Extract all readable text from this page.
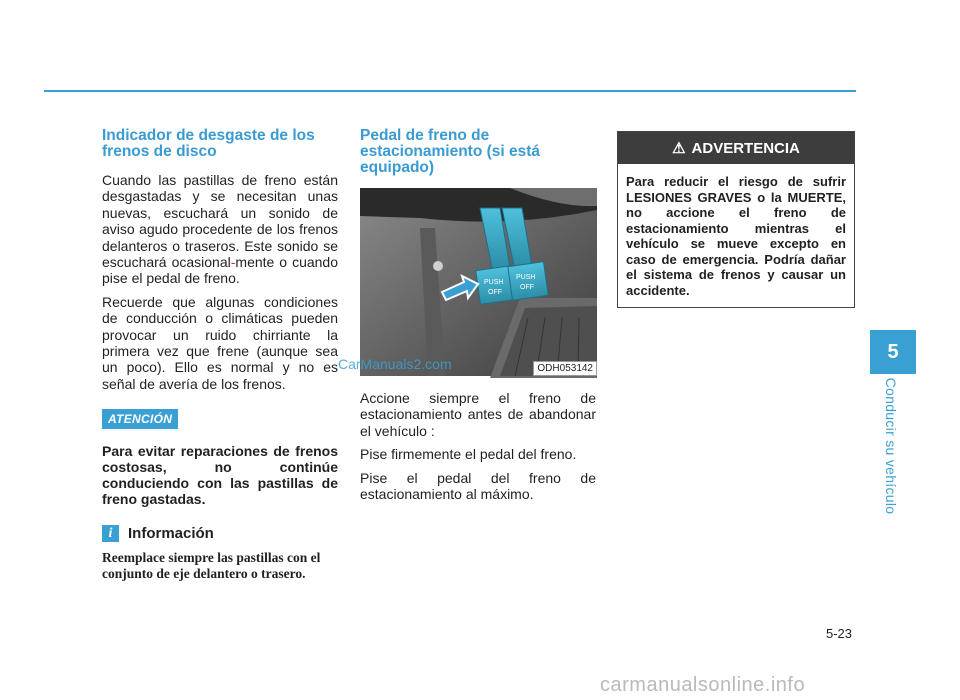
Indicador de desgaste de los frenos de disco

Cuando las pastillas de freno están desgastadas y se necesitan unas nuevas, escuchará un sonido de aviso agudo procedente de los frenos delanteros o traseros. Este sonido se escuchará ocasional-mente o cuando pise el pedal de freno.

Recuerde que algunas condiciones de conducción o climáticas pueden provocar un ruido chirriante la primera vez que frene (aunque sea un poco). Ello es normal y no es señal de avería de los frenos.

ATENCIÓN

Para evitar reparaciones de frenos costosas, no continúe conduciendo con las pastillas de freno gastadas.

i	Información
Reemplace siempre las pastillas con el conjunto de eje delantero o trasero.
Pedal de freno de estacionamiento (si está equipado)
PUSH
OFF
PUSH
OFF
ODH053142
CarManuals2.com

Accione siempre el freno de estacionamiento antes de abandonar el vehículo :

Pise firmemente el pedal del freno.

Pise el pedal del freno de estacionamiento al máximo.

⚠ ADVERTENCIA
Para reducir el riesgo de sufrir LESIONES GRAVES o la MUERTE, no accione el freno de estacionamiento mientras el vehículo se mueve excepto en caso de emergencia. Podría dañar el sistema de frenos y causar un accidente.
5
Conducir su vehículo
5-23
carmanualsonline.info
